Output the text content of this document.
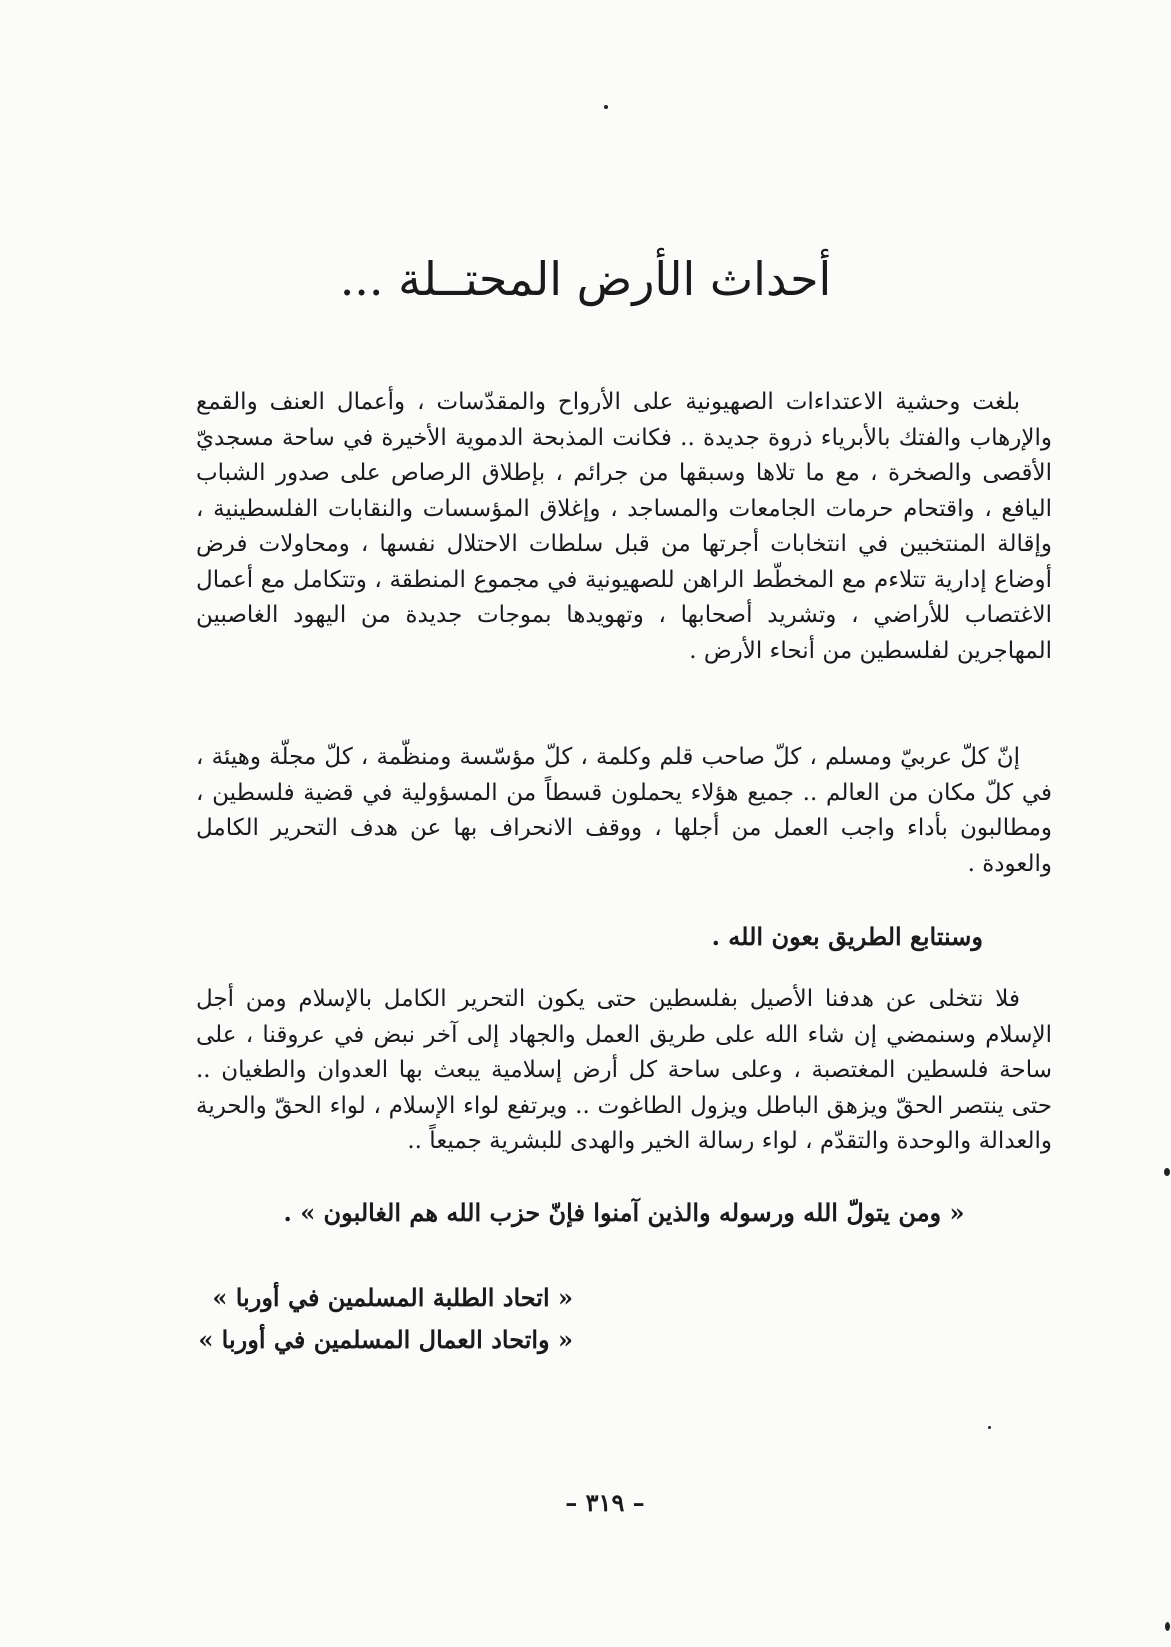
أحداث الأرض المحتــلة ...

بلغت وحشية الاعتداءات الصهيونية على الأرواح والمقدّسات ، وأعمال العنف والقمع والإرهاب والفتك بالأبرياء ذروة جديدة .. فكانت المذبحة الدموية الأخيرة في ساحة مسجديّ الأقصى والصخرة ، مع ما تلاها وسبقها من جرائم ، بإطلاق الرصاص على صدور الشباب اليافع ، واقتحام حرمات الجامعات والمساجد ، وإغلاق المؤسسات والنقابات الفلسطينية ، وإقالة المنتخبين في انتخابات أجرتها من قبل سلطات الاحتلال نفسها ، ومحاولات فرض أوضاع إدارية تتلاءم مع المخطّط الراهن للصهيونية في مجموع المنطقة ، وتتكامل مع أعمال الاغتصاب للأراضي ، وتشريد أصحابها ، وتهويدها بموجات جديدة من اليهود الغاصبين المهاجرين لفلسطين من أنحاء الأرض .

إنّ كلّ عربيّ ومسلم ، كلّ صاحب قلم وكلمة ، كلّ مؤسّسة ومنظّمة ، كلّ مجلّة وهيئة ، في كلّ مكان من العالم .. جميع هؤلاء يحملون قسطاً من المسؤولية في قضية فلسطين ، ومطالبون بأداء واجب العمل من أجلها ، ووقف الانحراف بها عن هدف التحرير الكامل والعودة .

وسنتابع الطريق بعون الله .

فلا نتخلى عن هدفنا الأصيل بفلسطين حتى يكون التحرير الكامل بالإسلام ومن أجل الإسلام وسنمضي إن شاء الله على طريق العمل والجهاد إلى آخر نبض في عروقنا ، على ساحة فلسطين المغتصبة ، وعلى ساحة كل أرض إسلامية يبعث بها العدوان والطغيان .. حتى ينتصر الحقّ ويزهق الباطل ويزول الطاغوت .. ويرتفع لواء الإسلام ، لواء الحقّ والحرية والعدالة والوحدة والتقدّم ، لواء رسالة الخير والهدى للبشرية جميعاً ..

« ومن يتولّ الله ورسوله والذين آمنوا فإنّ حزب الله هم الغالبون » .

« اتحاد الطلبة المسلمين في أوربا »

« واتحاد العمال المسلمين في أوربا »

– ٣١٩ –
